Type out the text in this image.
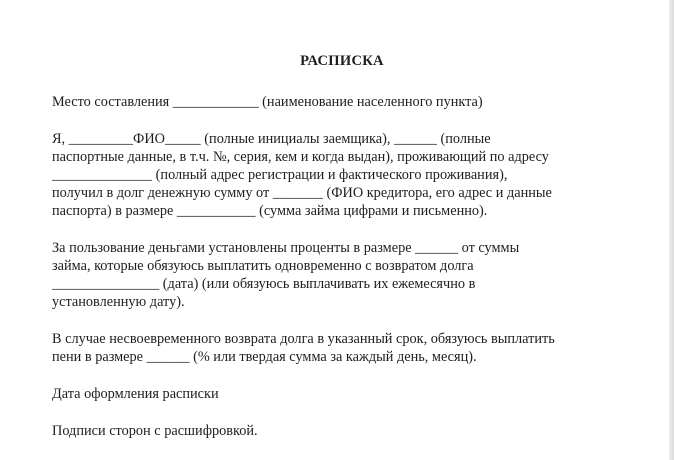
РАСПИСКА
Место составления ____________ (наименование населенного пункта)
Я, _________ФИО_____ (полные инициалы заемщика), ______ (полные
паспортные данные, в т.ч. №, серия, кем и когда выдан), проживающий по адресу
______________ (полный адрес регистрации и фактического проживания),
получил в долг денежную сумму от _______ (ФИО кредитора, его адрес и данные
паспорта) в размере ___________ (сумма займа цифрами и письменно).
За пользование деньгами установлены проценты в размере ______ от суммы
займа, которые обязуюсь выплатить одновременно с возвратом долга
_______________ (дата) (или обязуюсь выплачивать их ежемесячно в
установленную дату).
В случае несвоевременного возврата долга в указанный срок, обязуюсь выплатить
пени в размере ______ (% или твердая сумма за каждый день, месяц).
Дата оформления расписки
Подписи сторон с расшифровкой.
